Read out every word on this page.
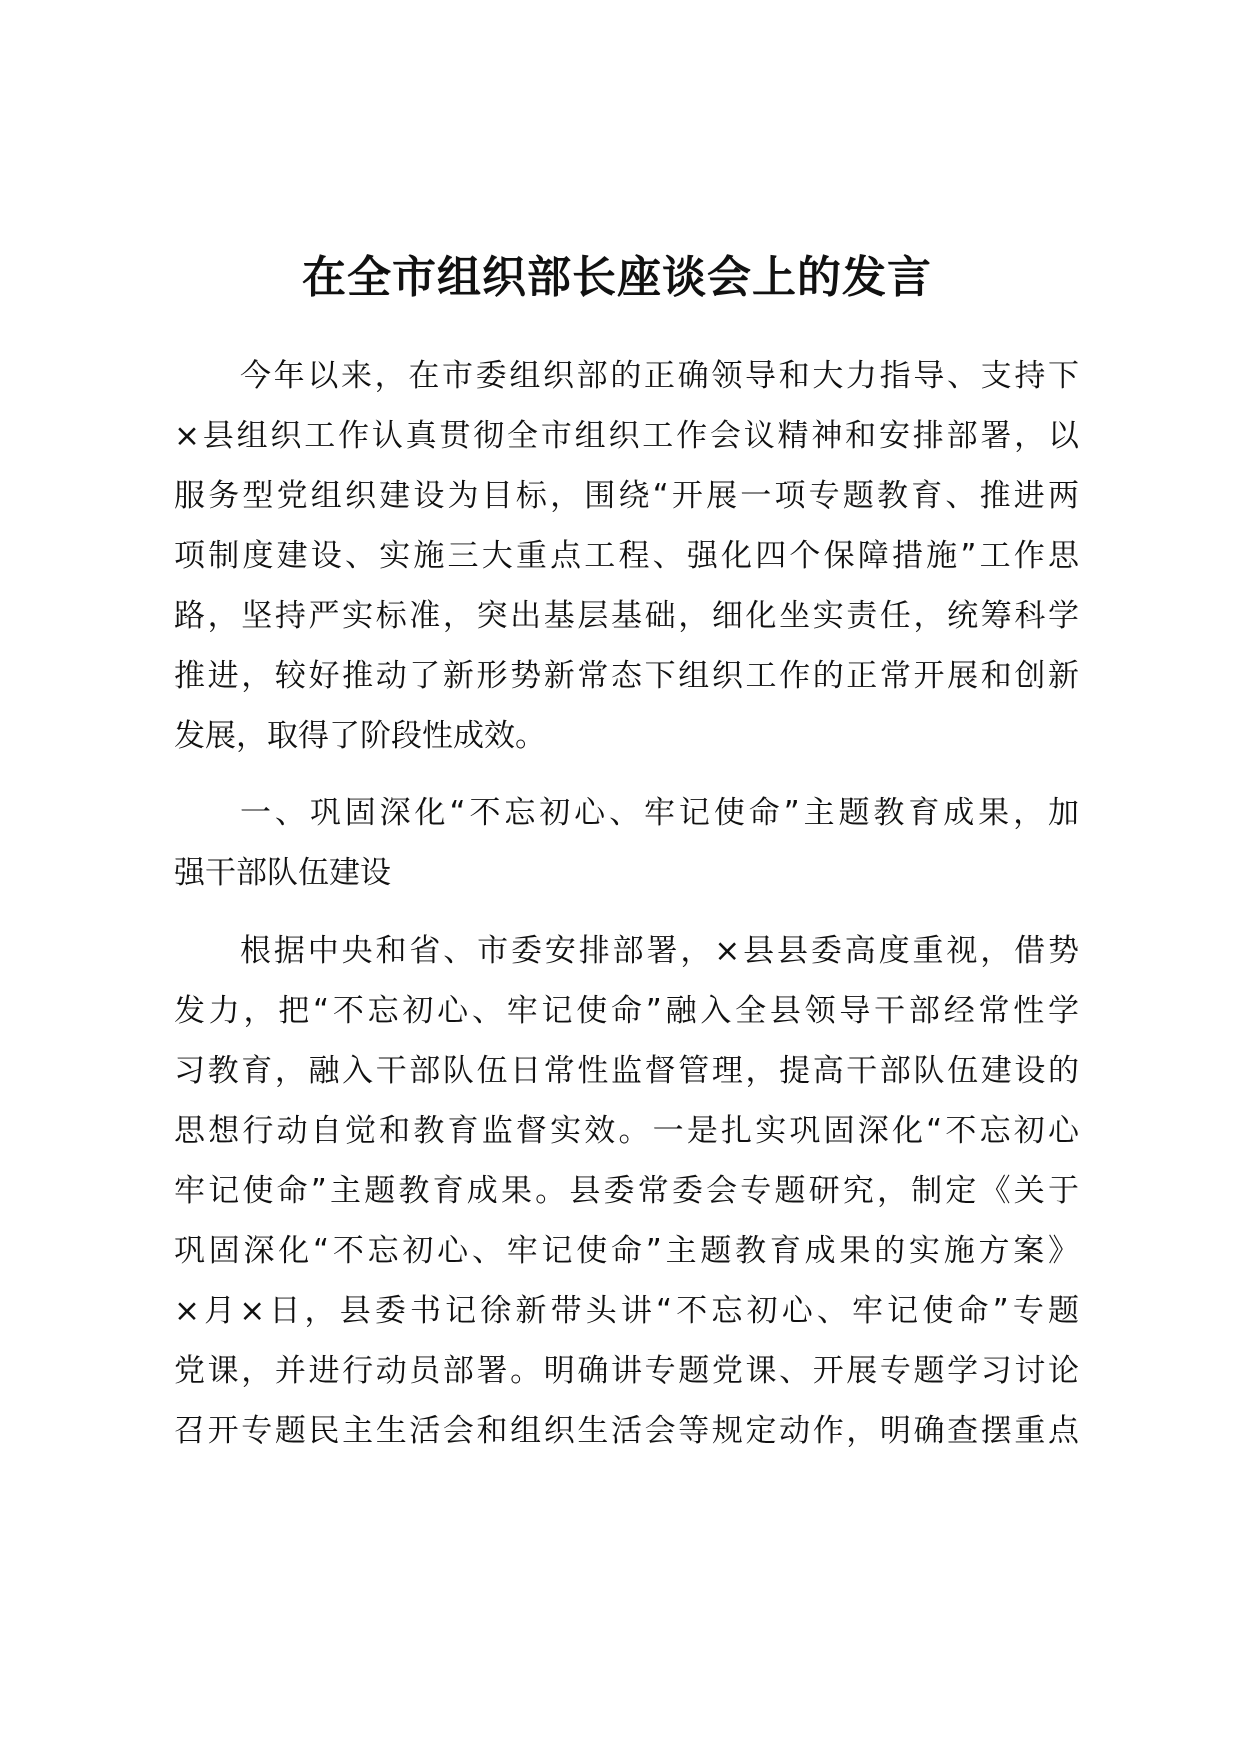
在全市组织部长座谈会上的发言
今年以来，在市委组织部的正确领导和大力指导、支持下
×县组织工作认真贯彻全市组织工作会议精神和安排部署，以
服务型党组织建设为目标，围绕“开展一项专题教育、推进两
项制度建设、实施三大重点工程、强化四个保障措施”工作思
路，坚持严实标准，突出基层基础，细化坐实责任，统筹科学
推进，较好推动了新形势新常态下组织工作的正常开展和创新
发展，取得了阶段性成效。
一、巩固深化“不忘初心、牢记使命”主题教育成果，加
强干部队伍建设
根据中央和省、市委安排部署，×县县委高度重视，借势
发力，把“不忘初心、牢记使命”融入全县领导干部经常性学
习教育，融入干部队伍日常性监督管理，提高干部队伍建设的
思想行动自觉和教育监督实效。一是扎实巩固深化“不忘初心
牢记使命”主题教育成果。县委常委会专题研究，制定《关于
巩固深化“不忘初心、牢记使命”主题教育成果的实施方案》
×月×日，县委书记徐新带头讲“不忘初心、牢记使命”专题
党课，并进行动员部署。明确讲专题党课、开展专题学习讨论
召开专题民主生活会和组织生活会等规定动作，明确查摆重点
